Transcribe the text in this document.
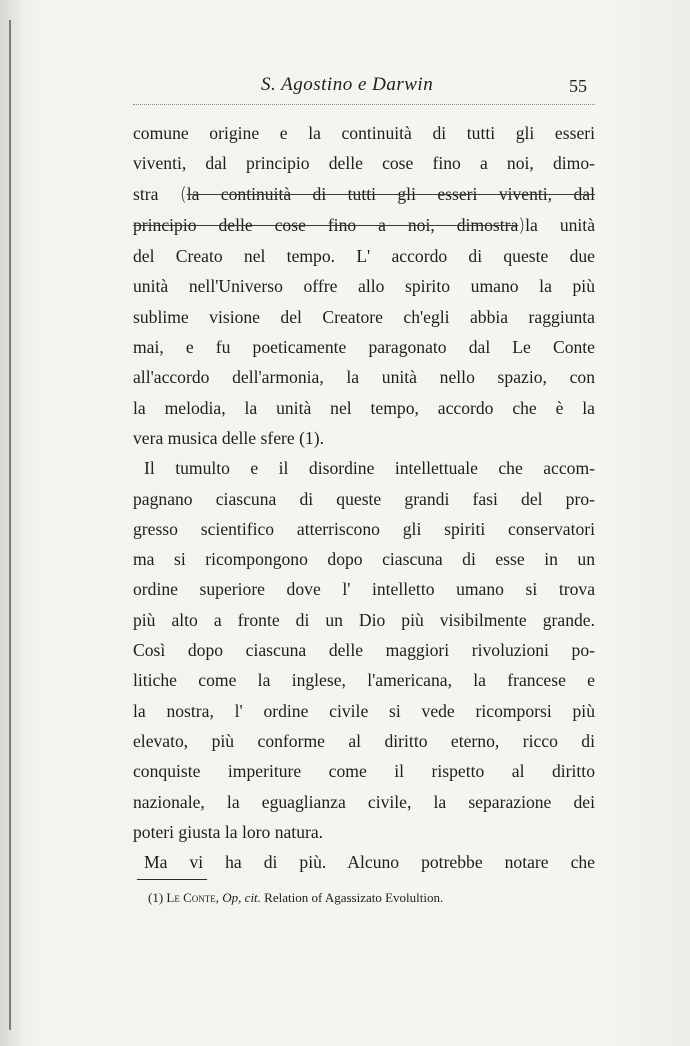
S. Agostino e Darwin	55
comune origine e la continuità di tutti gli esseri
viventi, dal principio delle cose fino a noi, dimo-
stra (la continuità di tutti gli esseri viventi, dal
principio delle cose fino a noi, dimostra)la unità
del Creato nel tempo. L' accordo di queste due
unità nell'Universo offre allo spirito umano la più
sublime visione del Creatore ch'egli abbia raggiunta
mai, e fu poeticamente paragonato dal Le Conte
all'accordo dell'armonia, la unità nello spazio, con
la melodia, la unità nel tempo, accordo che è la
vera musica delle sfere (1).
Il tumulto e il disordine intellettuale che accom-
pagnano ciascuna di queste grandi fasi del pro-
gresso scientifico atterriscono gli spiriti conservatori
ma si ricompongono dopo ciascuna di esse in un
ordine superiore dove l' intelletto umano si trova
più alto a fronte di un Dio più visibilmente grande.
Così dopo ciascuna delle maggiori rivoluzioni po-
litiche come la inglese, l'americana, la francese e
la nostra, l' ordine civile si vede ricomporsi più
elevato, più conforme al diritto eterno, ricco di
conquiste imperiture come il rispetto al diritto
nazionale, la eguaglianza civile, la separazione dei
poteri giusta la loro natura.
Ma vi ha di più. Alcuno potrebbe notare che
(1) Le Conte, Op, cit. Relation of Agassizato Evolultion.
